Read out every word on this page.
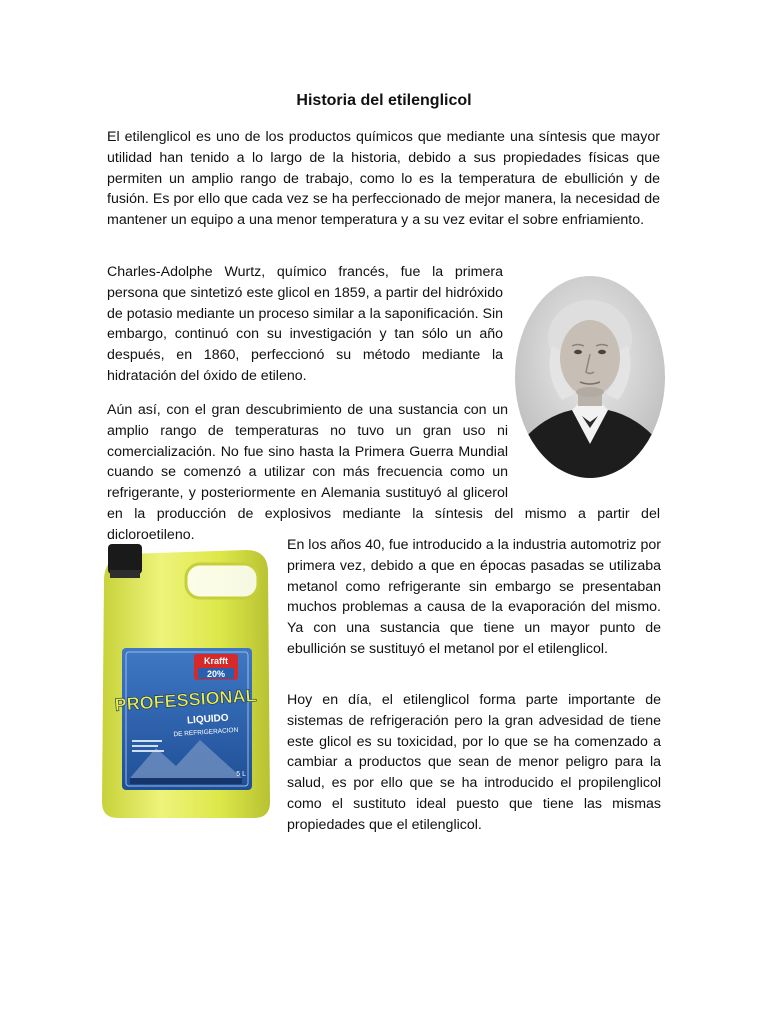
Historia del etilenglicol

El etilenglicol es uno de los productos químicos que mediante una síntesis que mayor utilidad han tenido a lo largo de la historia, debido a sus propiedades físicas que permiten un amplio rango de trabajo, como lo es la temperatura de ebullición y de fusión. Es por ello que cada vez se ha perfeccionado de mejor manera, la necesidad de mantener un equipo a una menor temperatura y a su vez evitar el sobre enfriamiento.

Charles-Adolphe Wurtz, químico francés, fue la primera persona que sintetizó este glicol en 1859, a partir del hidróxido de potasio mediante un proceso similar a la saponificación. Sin embargo, continuó con su investigación y tan sólo un año después, en 1860, perfeccionó su método mediante la hidratación del óxido de etileno.

Aún así, con el gran descubrimiento de una sustancia con un amplio rango de temperaturas no tuvo un gran uso ni comercialización. No fue sino hasta la Primera Guerra Mundial cuando se comenzó a utilizar con más frecuencia como un refrigerante, y posteriormente en Alemania sustituyó al glicerol en la producción de explosivos mediante la síntesis del mismo a partir del dicloroetileno.

En los años 40, fue introducido a la industria automotriz por primera vez, debido a que en épocas pasadas se utilizaba metanol como refrigerante sin embargo se presentaban muchos problemas a causa de la evaporación del mismo. Ya con una sustancia que tiene un mayor punto de ebullición se sustituyó el metanol por el etilenglicol.

Hoy en día, el etilenglicol forma parte importante de sistemas de refrigeración pero la gran advesidad de tiene este glicol es su toxicidad, por lo que se ha comenzado a cambiar a productos que sean de menor peligro para la salud, es por ello que se ha introducido el propilenglicol como el sustituto ideal puesto que tiene las mismas propiedades que el etilenglicol.

Krafft
20%
PROFESSIONAL
LIQUIDO
DE REFRIGERACION
5 L
